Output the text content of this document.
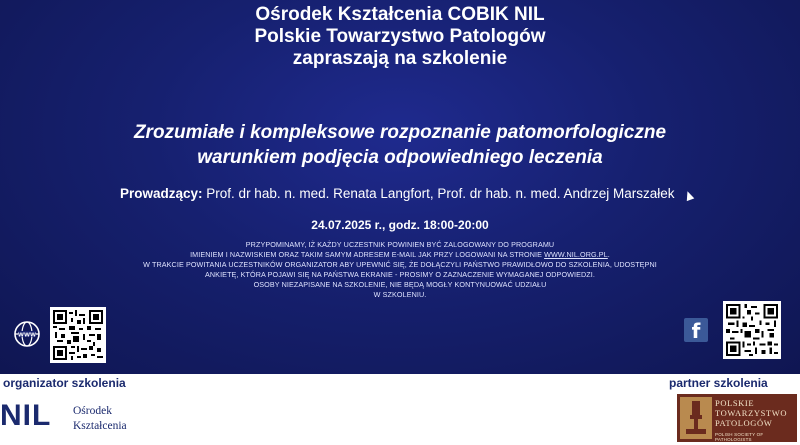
Ośrodek Kształcenia COBIK NIL
Polskie Towarzystwo Patologów
zapraszają na szkolenie
Zrozumiałe i kompleksowe rozpoznanie patomorfologiczne
warunkiem podjęcia odpowiedniego leczenia
Prowadzący: Prof. dr hab. n. med. Renata Langfort, Prof. dr hab. n. med. Andrzej Marszałek
24.07.2025 r., godz. 18:00-20:00
PRZYPOMINAMY, IŻ KAŻDY UCZESTNIK POWINIEN BYĆ ZALOGOWANY DO PROGRAMU
IMIENIEM I NAZWISKIEM ORAZ TAKIM SAMYM ADRESEM E-MAIL JAK PRZY LOGOWANI NA STRONIE WWW.NIL.ORG.PL.
W TRAKCIE POWITANIA UCZESTNIKÓW ORGANIZATOR ABY UPEWNIĆ SIĘ, ŻE DOŁĄCZYLI PAŃSTWO PRAWIDŁOWO DO SZKOLENIA, UDOSTĘPNI
ANKIETĘ, KTÓRA POJAWI SIĘ NA PAŃSTWA EKRANIE - PROSIMY O ZAZNACZENIE WYMAGANEJ ODPOWIEDZI.
OSOBY NIEZAPISANE NA SZKOLENIE, NIE BĘDĄ MOGŁY KONTYNUOWAĆ UDZIAŁU
W SZKOLENIU.
WWW	f
organizator szkolenia	partner szkolenia
NIL Ośrodek
Kształcenia
POLSKIE
TOWARZYSTWO
PATOLOGÓW
POLISH SOCIETY OF PATHOLOGISTS
